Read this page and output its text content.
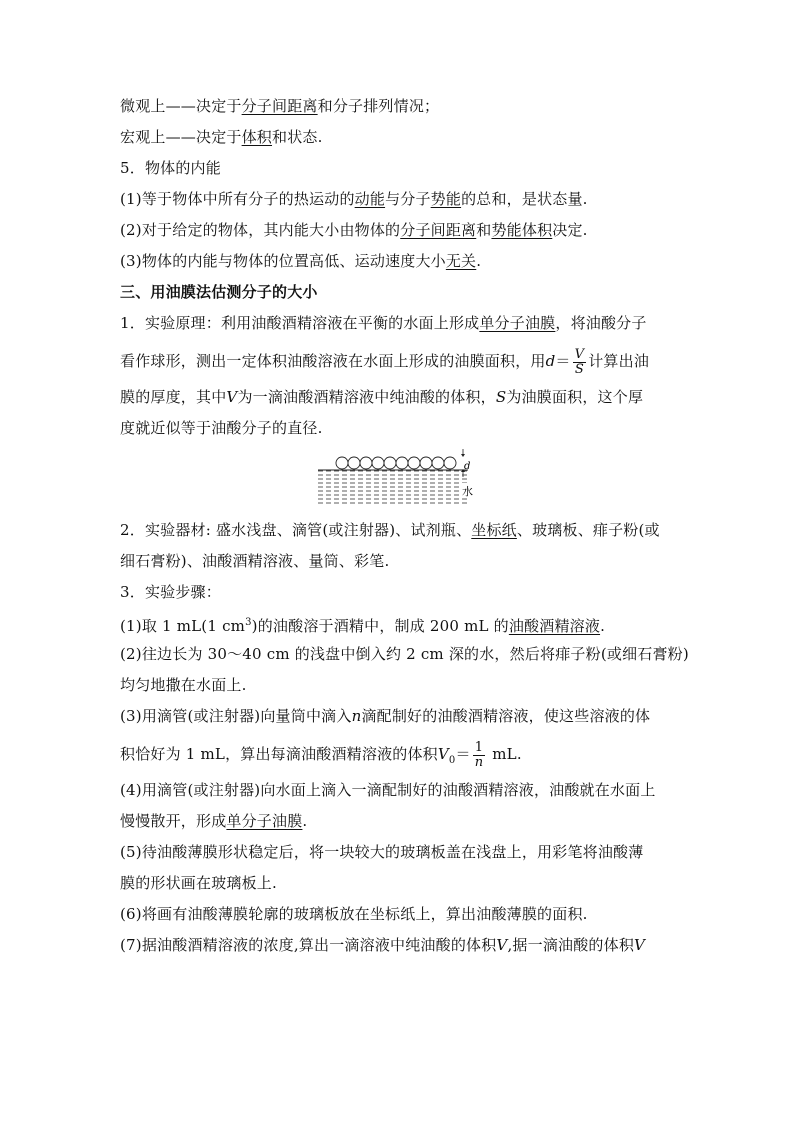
微观上——决定于分子间距离和分子排列情况；
宏观上——决定于体积和状态.
5．物体的内能
(1)等于物体中所有分子的热运动的动能与分子势能的总和，是状态量.
(2)对于给定的物体，其内能大小由物体的分子间距离和势能体积决定.
(3)物体的内能与物体的位置高低、运动速度大小无关.
三、用油膜法估测分子的大小
1．实验原理：利用油酸酒精溶液在平衡的水面上形成单分子油膜，将油酸分子
看作球形，测出一定体积油酸溶液在水面上形成的油膜面积，用$d= \frac{V}{S}$ 计算出油
膜的厚度，其中V为一滴油酸酒精溶液中纯油酸的体积，S为油膜面积，这个厚
度就近似等于油酸分子的直径.
d
水
2．实验器材: 盛水浅盘、滴管(或注射器)、试剂瓶、坐标纸、玻璃板、痱子粉(或
细石膏粉)、油酸酒精溶液、量筒、彩笔.
3．实验步骤：
(1)取 1 mL(1 $cm^3$)的油酸溶于酒精中，制成 200 mL 的油酸酒精溶液.
(2)往边长为 30～40 cm 的浅盘中倒入约 2 cm 深的水，然后将痱子粉(或细石膏粉)
均匀地撒在水面上.
(3)用滴管(或注射器)向量筒中滴入n滴配制好的油酸酒精溶液，使这些溶液的体
积恰好为 1 mL，算出每滴油酸酒精溶液的体积$V_0= \frac{1}{n}$ mL.
(4)用滴管(或注射器)向水面上滴入一滴配制好的油酸酒精溶液，油酸就在水面上
慢慢散开，形成单分子油膜.
(5)待油酸薄膜形状稳定后，将一块较大的玻璃板盖在浅盘上，用彩笔将油酸薄
膜的形状画在玻璃板上.
(6)将画有油酸薄膜轮廓的玻璃板放在坐标纸上，算出油酸薄膜的面积.
(7)据油酸酒精溶液的浓度,算出一滴溶液中纯油酸的体积V,据一滴油酸的体积V
